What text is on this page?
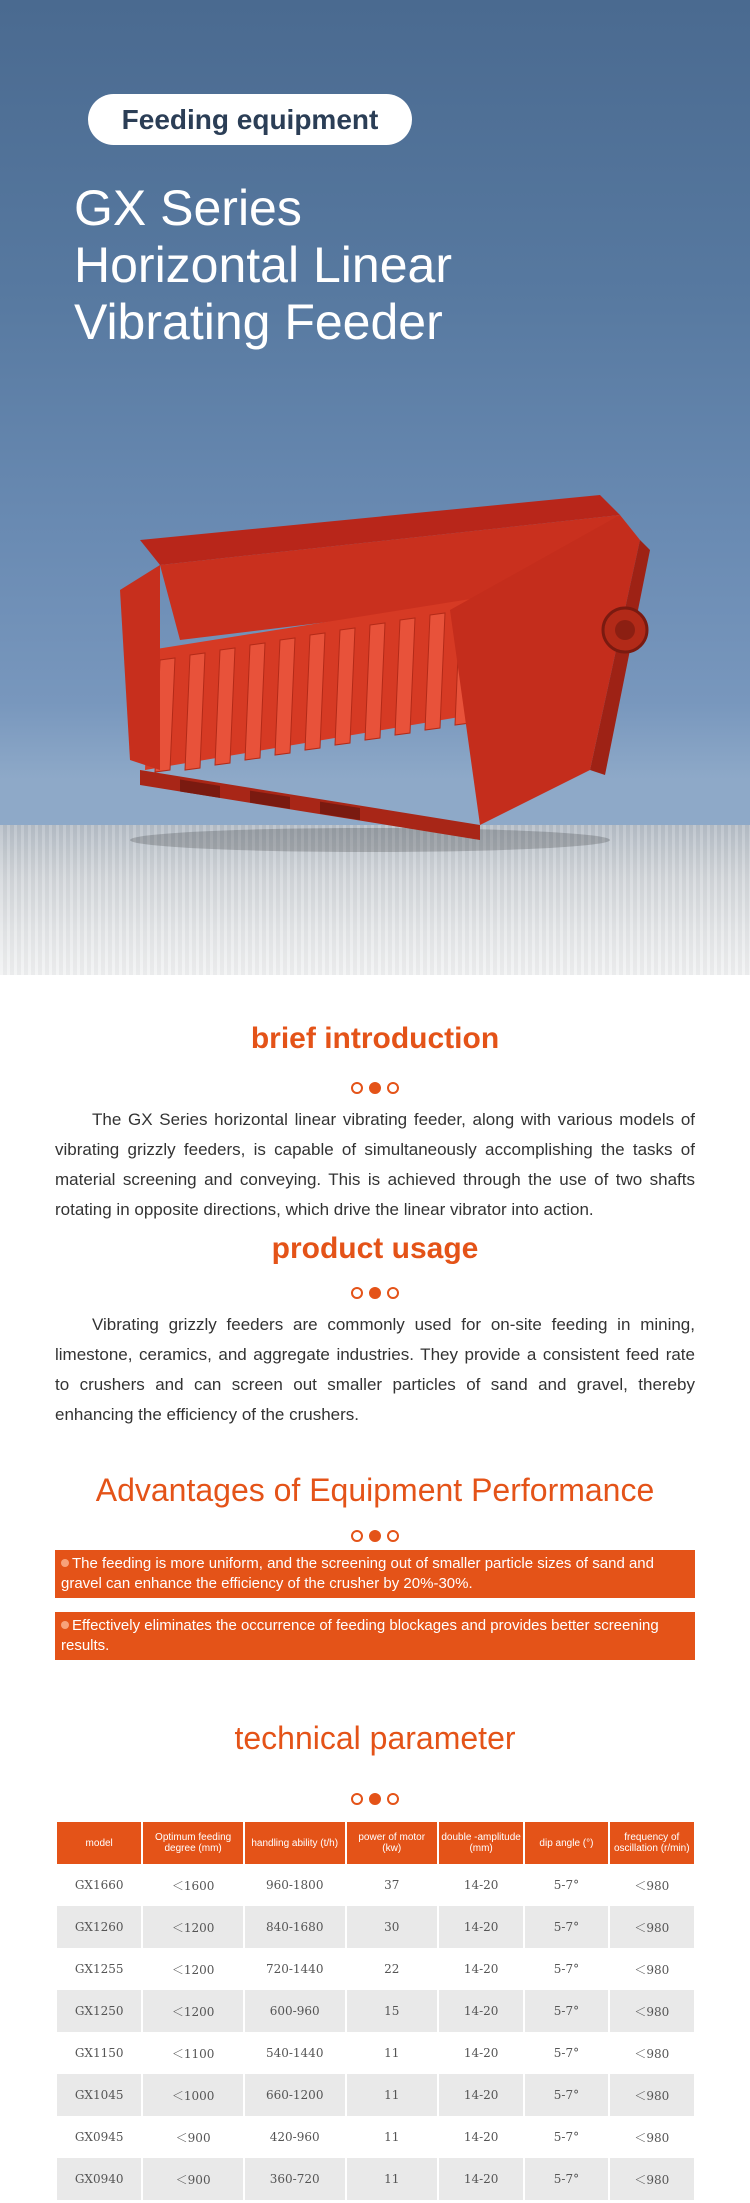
Feeding equipment
GX Series
Horizontal Linear
Vibrating Feeder
brief introduction

The GX Series horizontal linear vibrating feeder, along with various models of vibrating grizzly feeders, is capable of simultaneously accomplishing the tasks of material screening and conveying. This is achieved through the use of two shafts rotating in opposite directions, which drive the linear vibrator into action.

product usage

Vibrating grizzly feeders are commonly used for on-site feeding in mining, limestone, ceramics, and aggregate industries. They provide a consistent feed rate to crushers and can screen out smaller particles of sand and gravel, thereby enhancing the efficiency of the crushers.

Advantages of Equipment Performance
The feeding is more uniform, and the screening out of smaller particle sizes of sand and gravel can enhance the efficiency of the crusher by 20%-30%.
Effectively eliminates the occurrence of feeding blockages and provides better screening results.
technical parameter
model	Optimum feeding degree (mm)	handling ability (t/h)	power of motor (kw)	double -amplitude (mm)	dip angle (°)	frequency of oscillation (r/min)
GX1660	＜1600	960-1800	37	14-20	5-7°	＜980
GX1260	＜1200	840-1680	30	14-20	5-7°	＜980
GX1255	＜1200	720-1440	22	14-20	5-7°	＜980
GX1250	＜1200	600-960	15	14-20	5-7°	＜980
GX1150	＜1100	540-1440	11	14-20	5-7°	＜980
GX1045	＜1000	660-1200	11	14-20	5-7°	＜980
GX0945	＜900	420-960	11	14-20	5-7°	＜980
GX0940	＜900	360-720	11	14-20	5-7°	＜980
